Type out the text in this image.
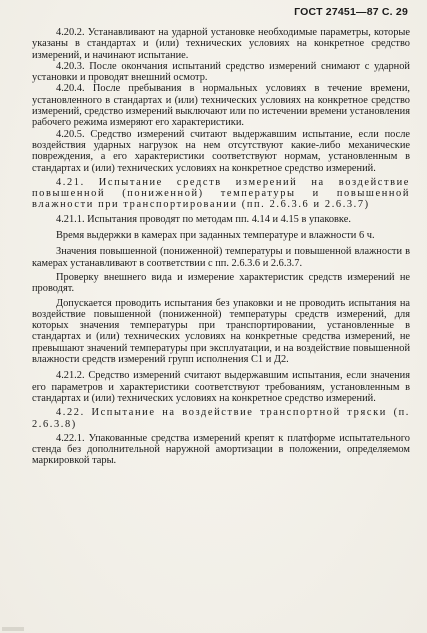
ГОСТ 27451—87 С. 29

4.20.2. Устанавливают на ударной установке необходимые параметры, которые указаны в стандартах и (или) технических условиях на конкретное средство измерений, и начинают испытание.

4.20.3. После окончания испытаний средство измерений снимают с ударной установки и проводят внешний осмотр.

4.20.4. После пребывания в нормальных условиях в течение времени, установленного в стандартах и (или) технических условиях на конкретное средство измерений, средство измерений выключают или по истечении времени установления рабочего режима измеряют его характеристики.

4.20.5. Средство измерений считают выдержавшим испытание, если после воздействия ударных нагрузок на нем отсутствуют какие-либо механические повреждения, а его характеристики соответствуют нормам, установленным в стандартах и (или) технических условиях на конкретное средство измерений.

4.21. Испытание средств измерений на воздействие повышенной (пониженной) температуры и повышенной влажности при транспортировании (пп. 2.6.3.6 и 2.6.3.7)

4.21.1. Испытания проводят по методам пп. 4.14 и 4.15 в упаковке.

Время выдержки в камерах при заданных температуре и влажности 6 ч.

Значения повышенной (пониженной) температуры и повышенной влажности в камерах устанавливают в соответствии с пп. 2.6.3.6 и 2.6.3.7.

Проверку внешнего вида и измерение характеристик средств измерений не проводят.

Допускается проводить испытания без упаковки и не проводить испытания на воздействие повышенной (пониженной) температуры средств измерений, для которых значения температуры при транспортировании, установленные в стандартах и (или) технических условиях на конкретные средства измерений, не превышают значений температуры при эксплуатации, и на воздействие повышенной влажности средств измерений групп исполнения С1 и Д2.

4.21.2. Средство измерений считают выдержавшим испытания, если значения его параметров и характеристики соответствуют требованиям, установленным в стандартах и (или) технических условиях на конкретное средство измерений.

4.22. Испытание на воздействие транспортной тряски (п. 2.6.3.8)

4.22.1. Упакованные средства измерений крепят к платформе испытательного стенда без дополнительной наружной амортизации в положении, определяемом маркировкой тары.
